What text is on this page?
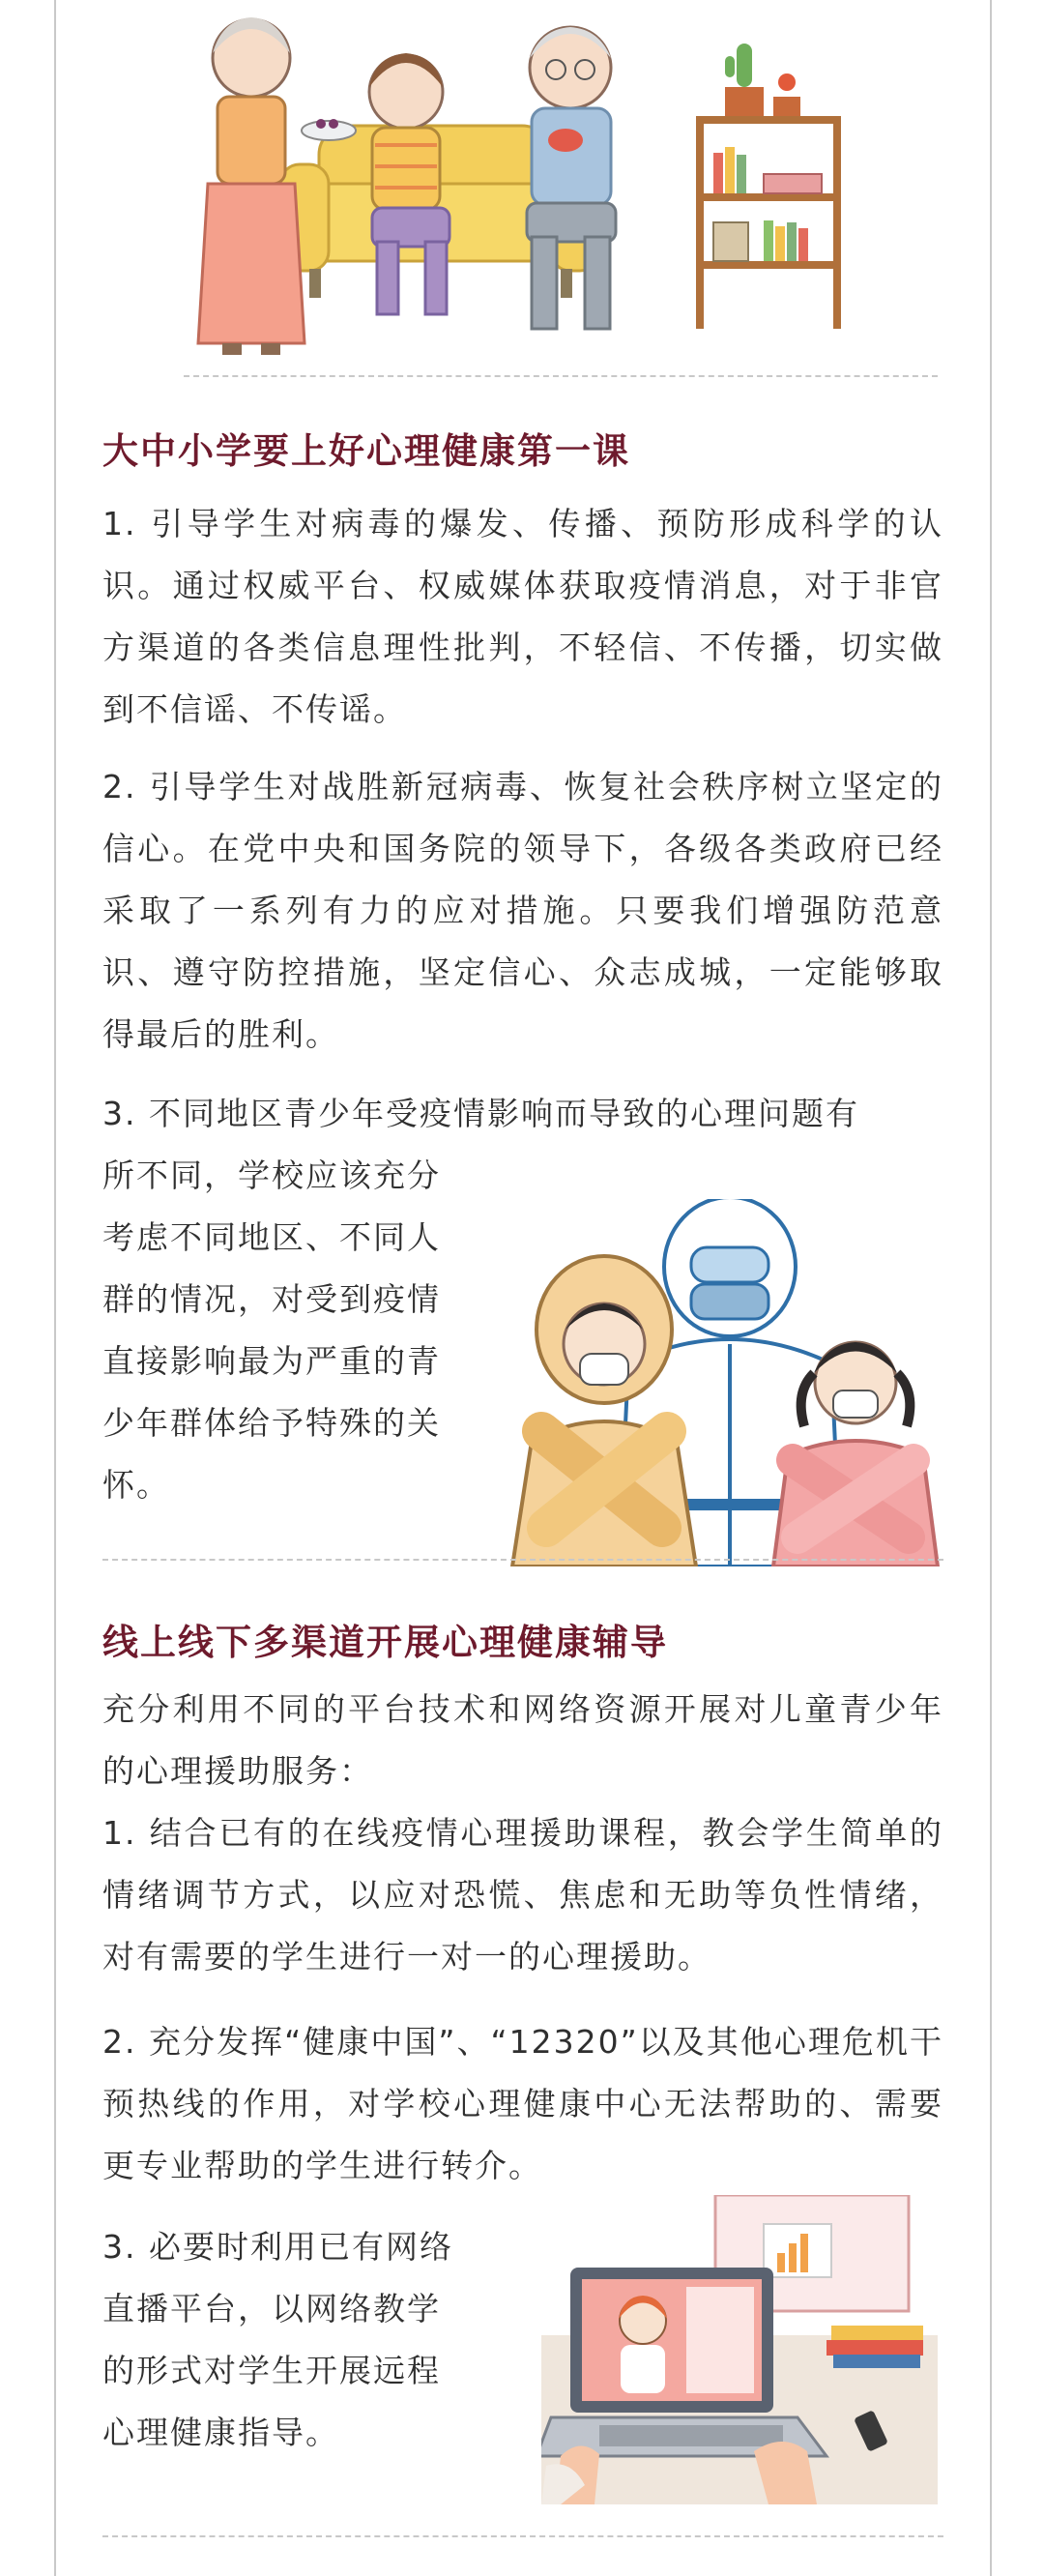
大中小学要上好心理健康第一课
1. 引导学生对病毒的爆发、传播、预防形成科学的认识。通过权威平台、权威媒体获取疫情消息，对于非官方渠道的各类信息理性批判，不轻信、不传播，切实做到不信谣、不传谣。
2. 引导学生对战胜新冠病毒、恢复社会秩序树立坚定的信心。在党中央和国务院的领导下，各级各类政府已经采取了一系列有力的应对措施。只要我们增强防范意识、遵守防控措施，坚定信心、众志成城，一定能够取得最后的胜利。
3. 不同地区青少年受疫情影响而导致的心理问题有
所不同，学校应该充分考虑不同地区、不同人群的情况，对受到疫情直接影响最为严重的青少年群体给予特殊的关怀。
线上线下多渠道开展心理健康辅导
充分利用不同的平台技术和网络资源开展对儿童青少年的心理援助服务：
1. 结合已有的在线疫情心理援助课程，教会学生简单的情绪调节方式，以应对恐慌、焦虑和无助等负性情绪，对有需要的学生进行一对一的心理援助。
2. 充分发挥“健康中国”、“12320”以及其他心理危机干预热线的作用，对学校心理健康中心无法帮助的、需要更专业帮助的学生进行转介。
3. 必要时利用已有网络直播平台，以网络教学的形式对学生开展远程心理健康指导。
